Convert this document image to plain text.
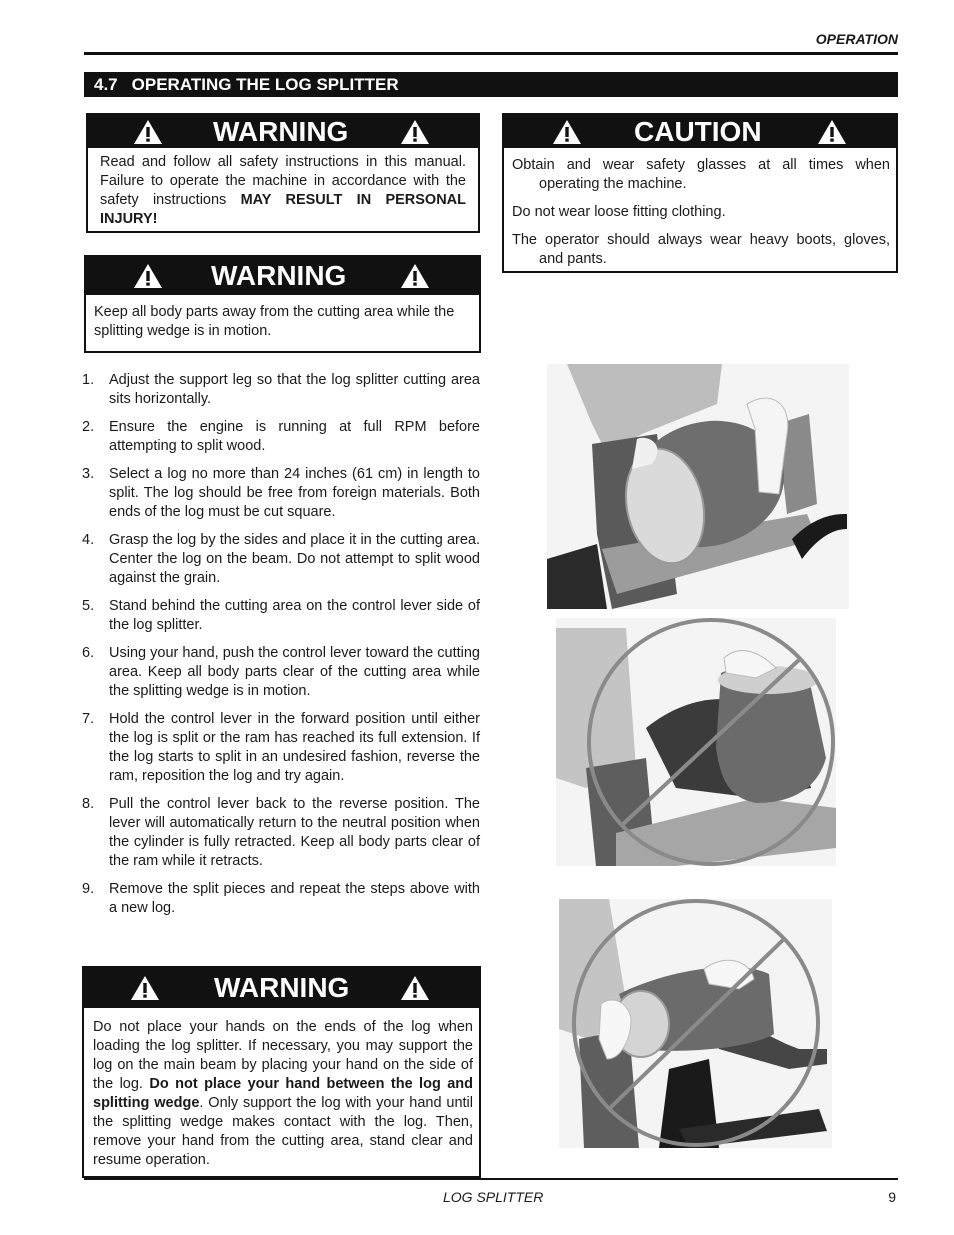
OPERATION
4.7 OPERATING THE LOG SPLITTER
WARNING

Read and follow all safety instructions in this manual. Failure to operate the machine in accordance with the safety instructions MAY RESULT IN PERSONAL INJURY!

CAUTION

Obtain and wear safety glasses at all times when operating the machine.

Do not wear loose fitting clothing.

The operator should always wear heavy boots, gloves, and pants.

WARNING

Keep all body parts away from the cutting area while the splitting wedge is in motion.

1. Adjust the support leg so that the log splitter cutting area sits horizontally.
2. Ensure the engine is running at full RPM before attempting to split wood.
3. Select a log no more than 24 inches (61 cm) in length to split. The log should be free from foreign materials. Both ends of the log must be cut square.
4. Grasp the log by the sides and place it in the cutting area. Center the log on the beam. Do not attempt to split wood against the grain.
5. Stand behind the cutting area on the control lever side of the log splitter.
6. Using your hand, push the control lever toward the cutting area. Keep all body parts clear of the cutting area while the splitting wedge is in motion.
7. Hold the control lever in the forward position until either the log is split or the ram has reached its full extension. If the log starts to split in an undesired fashion, reverse the ram, reposition the log and try again.
8. Pull the control lever back to the reverse position. The lever will automatically return to the neutral position when the cylinder is fully retracted. Keep all body parts clear of the ram while it retracts.
9. Remove the split pieces and repeat the steps above with a new log.
WARNING

Do not place your hands on the ends of the log when loading the log splitter. If necessary, you may support the log on the main beam by placing your hand on the side of the log. Do not place your hand between the log and splitting wedge. Only support the log with your hand until the splitting wedge makes contact with the log. Then, remove your hand from the cutting area, stand clear and resume operation.

LOG SPLITTER	9
